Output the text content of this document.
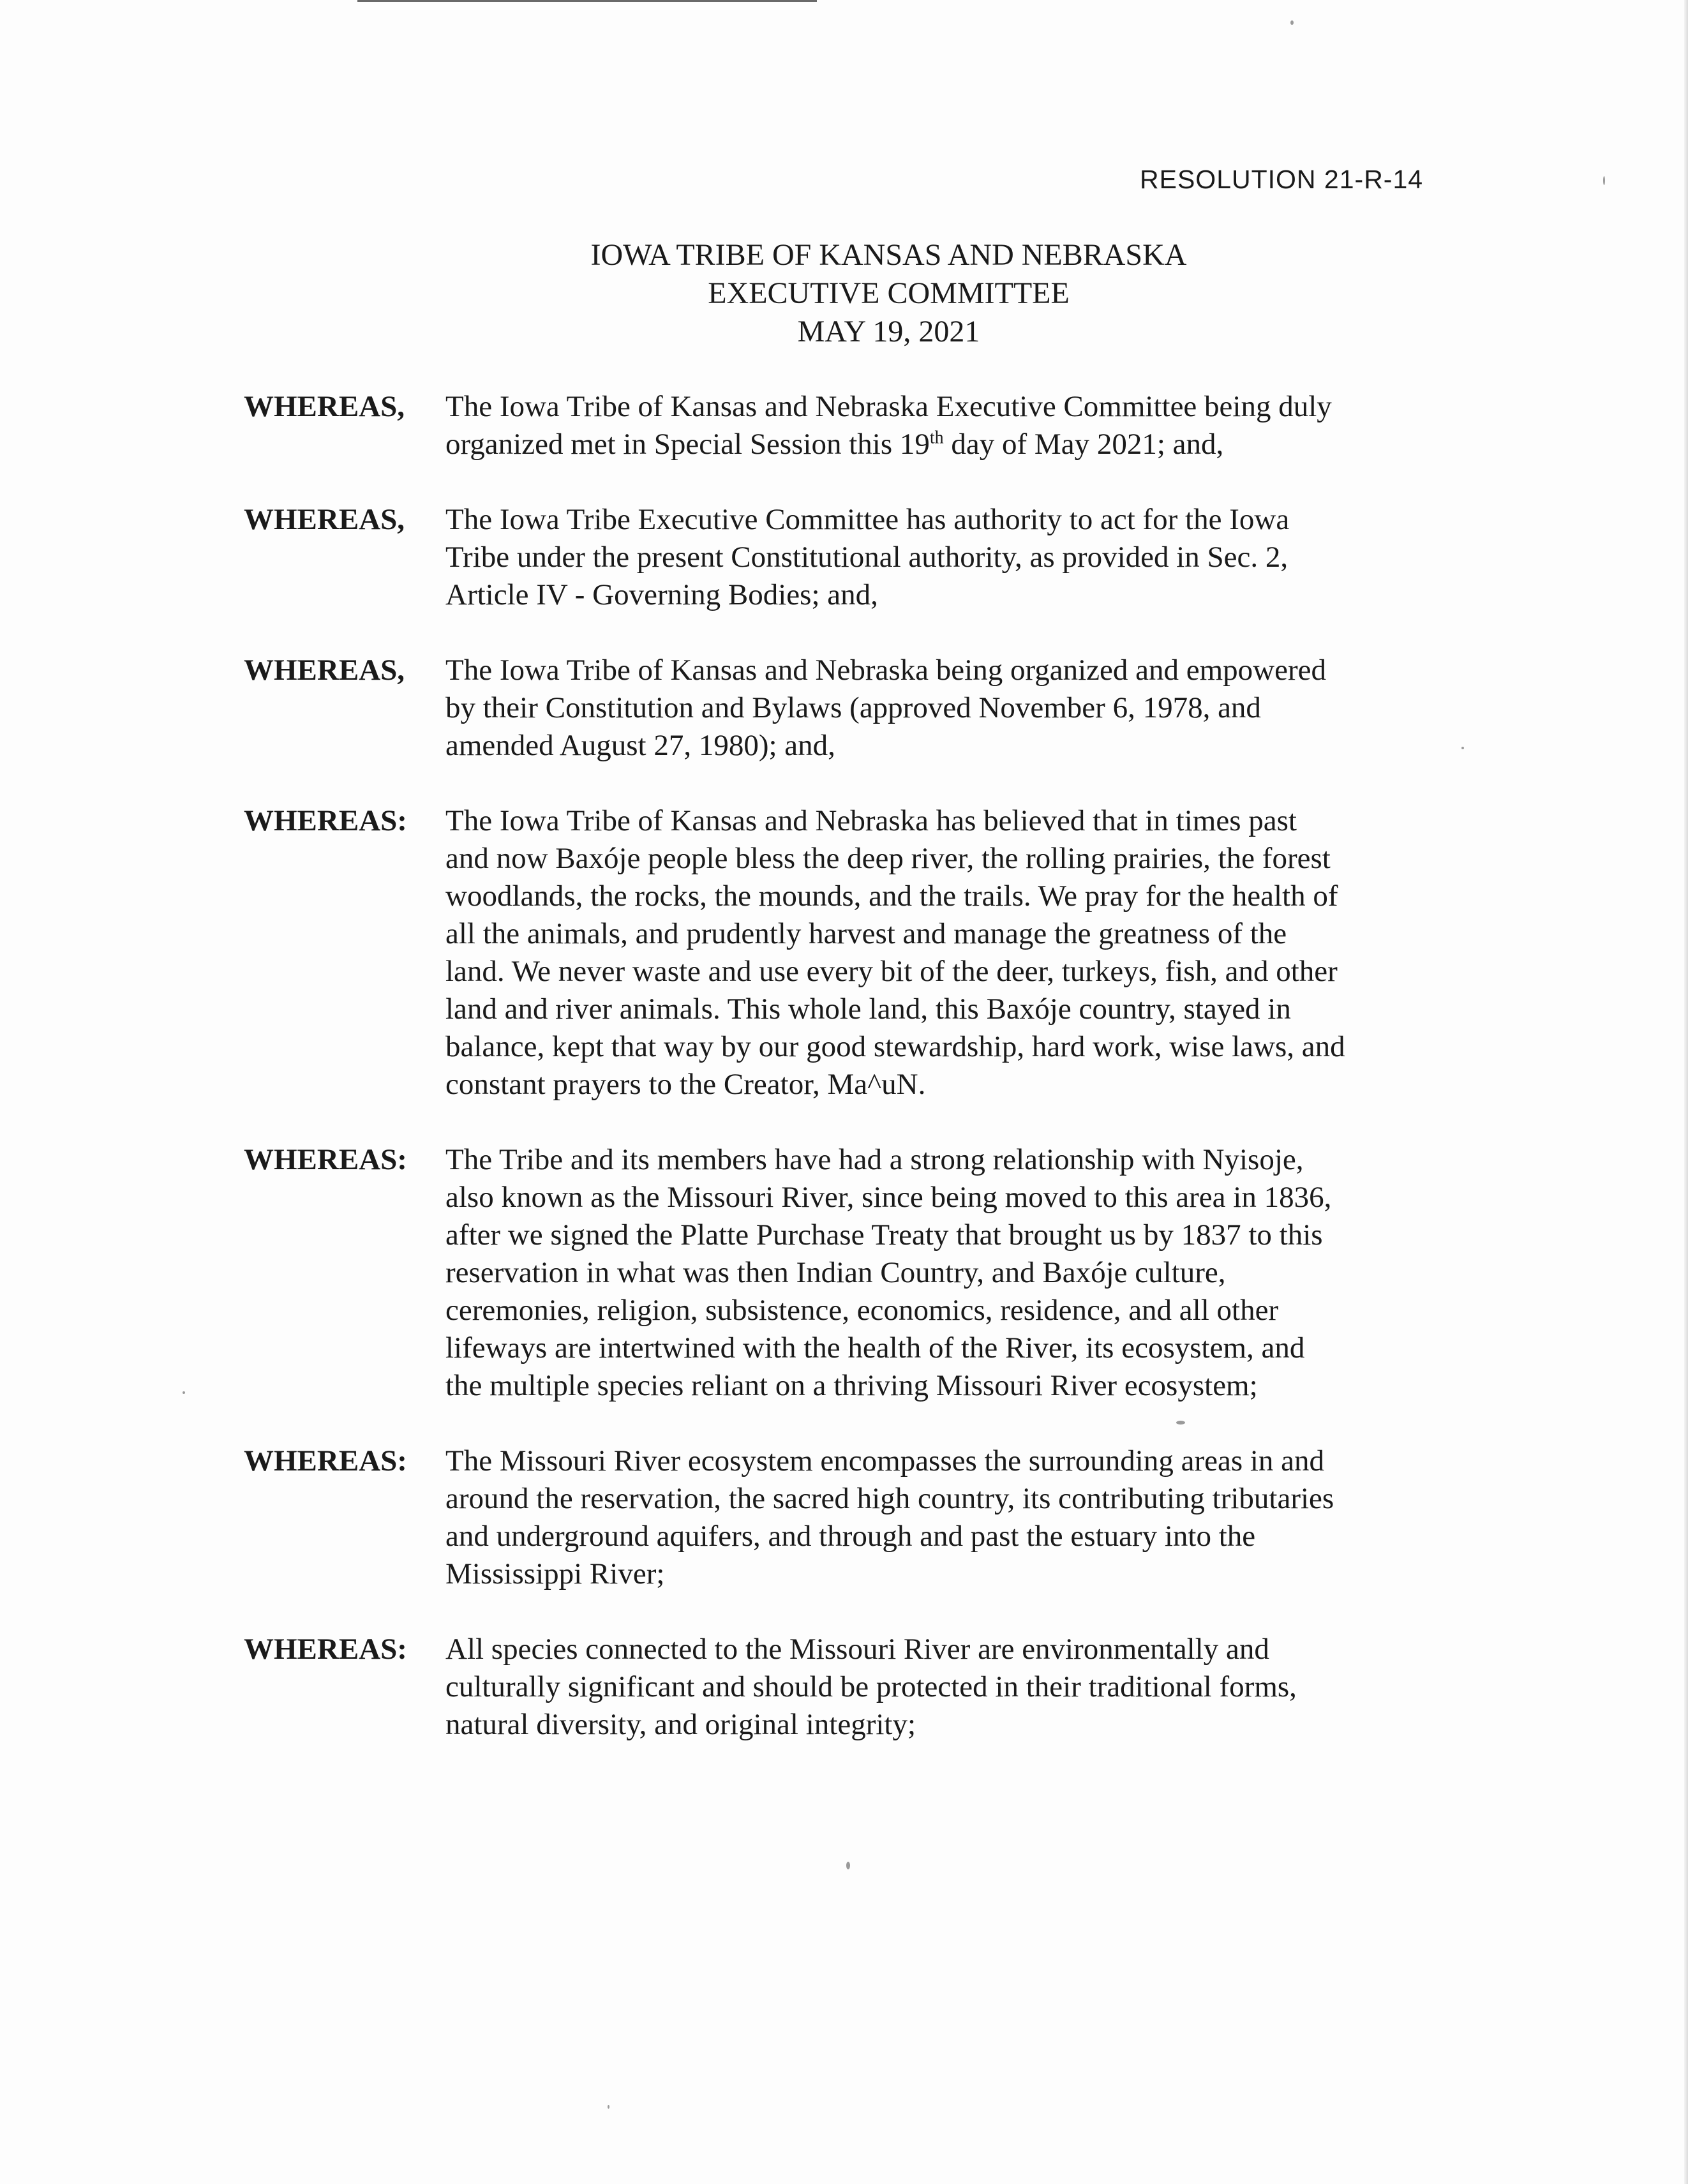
RESOLUTION 21-R-14
IOWA TRIBE OF KANSAS AND NEBRASKA
EXECUTIVE COMMITTEE
MAY 19, 2021
WHEREAS,	The Iowa Tribe of Kansas and Nebraska Executive Committee being duly
organized met in Special Session this 19th day of May 2021; and,
WHEREAS,	The Iowa Tribe Executive Committee has authority to act for the Iowa
Tribe under the present Constitutional authority, as provided in Sec. 2,
Article IV - Governing Bodies; and,
WHEREAS,	The Iowa Tribe of Kansas and Nebraska being organized and empowered
by their Constitution and Bylaws (approved November 6, 1978, and
amended August 27, 1980); and,
WHEREAS:	The Iowa Tribe of Kansas and Nebraska has believed that in times past
and now Baxóje people bless the deep river, the rolling prairies, the forest
woodlands, the rocks, the mounds, and the trails. We pray for the health of
all the animals, and prudently harvest and manage the greatness of the
land. We never waste and use every bit of the deer, turkeys, fish, and other
land and river animals. This whole land, this Baxóje country, stayed in
balance, kept that way by our good stewardship, hard work, wise laws, and
constant prayers to the Creator, Ma^uN.
WHEREAS:	The Tribe and its members have had a strong relationship with Nyisoje,
also known as the Missouri River, since being moved to this area in 1836,
after we signed the Platte Purchase Treaty that brought us by 1837 to this
reservation in what was then Indian Country, and Baxóje culture,
ceremonies, religion, subsistence, economics, residence, and all other
lifeways are intertwined with the health of the River, its ecosystem, and
the multiple species reliant on a thriving Missouri River ecosystem;
WHEREAS:	The Missouri River ecosystem encompasses the surrounding areas in and
around the reservation, the sacred high country, its contributing tributaries
and underground aquifers, and through and past the estuary into the
Mississippi River;
WHEREAS:	All species connected to the Missouri River are environmentally and
culturally significant and should be protected in their traditional forms,
natural diversity, and original integrity;
